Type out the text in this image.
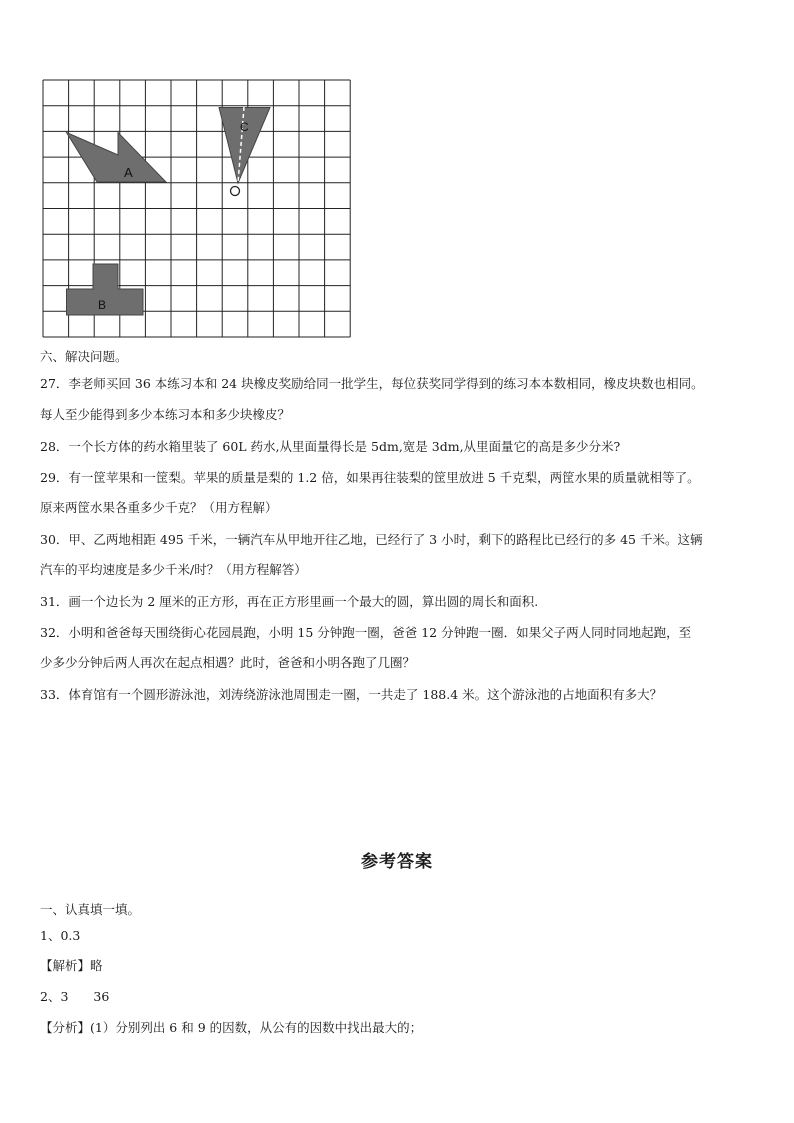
A
C
B
六、解决问题。
27．李老师买回 36 本练习本和 24 块橡皮奖励给同一批学生，每位获奖同学得到的练习本本数相同，橡皮块数也相同。
每人至少能得到多少本练习本和多少块橡皮？
28．一个长方体的药水箱里装了 60L 药水,从里面量得长是 5dm,宽是 3dm,从里面量它的高是多少分米?
29．有一筐苹果和一筐梨。苹果的质量是梨的 1.2 倍，如果再往装梨的筐里放进 5 千克梨，两筐水果的质量就相等了。
原来两筐水果各重多少千克？（用方程解）
30．甲、乙两地相距 495 千米，一辆汽车从甲地开往乙地，已经行了 3 小时，剩下的路程比已经行的多 45 千米。这辆
汽车的平均速度是多少千米/时？（用方程解答）
31．画一个边长为 2 厘米的正方形，再在正方形里画一个最大的圆，算出圆的周长和面积.
32．小明和爸爸每天围绕街心花园晨跑，小明 15 分钟跑一圈，爸爸 12 分钟跑一圈．如果父子两人同时同地起跑，至
少多少分钟后两人再次在起点相遇？此时，爸爸和小明各跑了几圈？
33．体育馆有一个圆形游泳池，刘涛绕游泳池周围走一圈，一共走了 188.4 米。这个游泳池的占地面积有多大？
参考答案
一、认真填一填。
1、0.3
【解析】略
2、3　　36
【分析】(1）分别列出 6 和 9 的因数，从公有的因数中找出最大的；
